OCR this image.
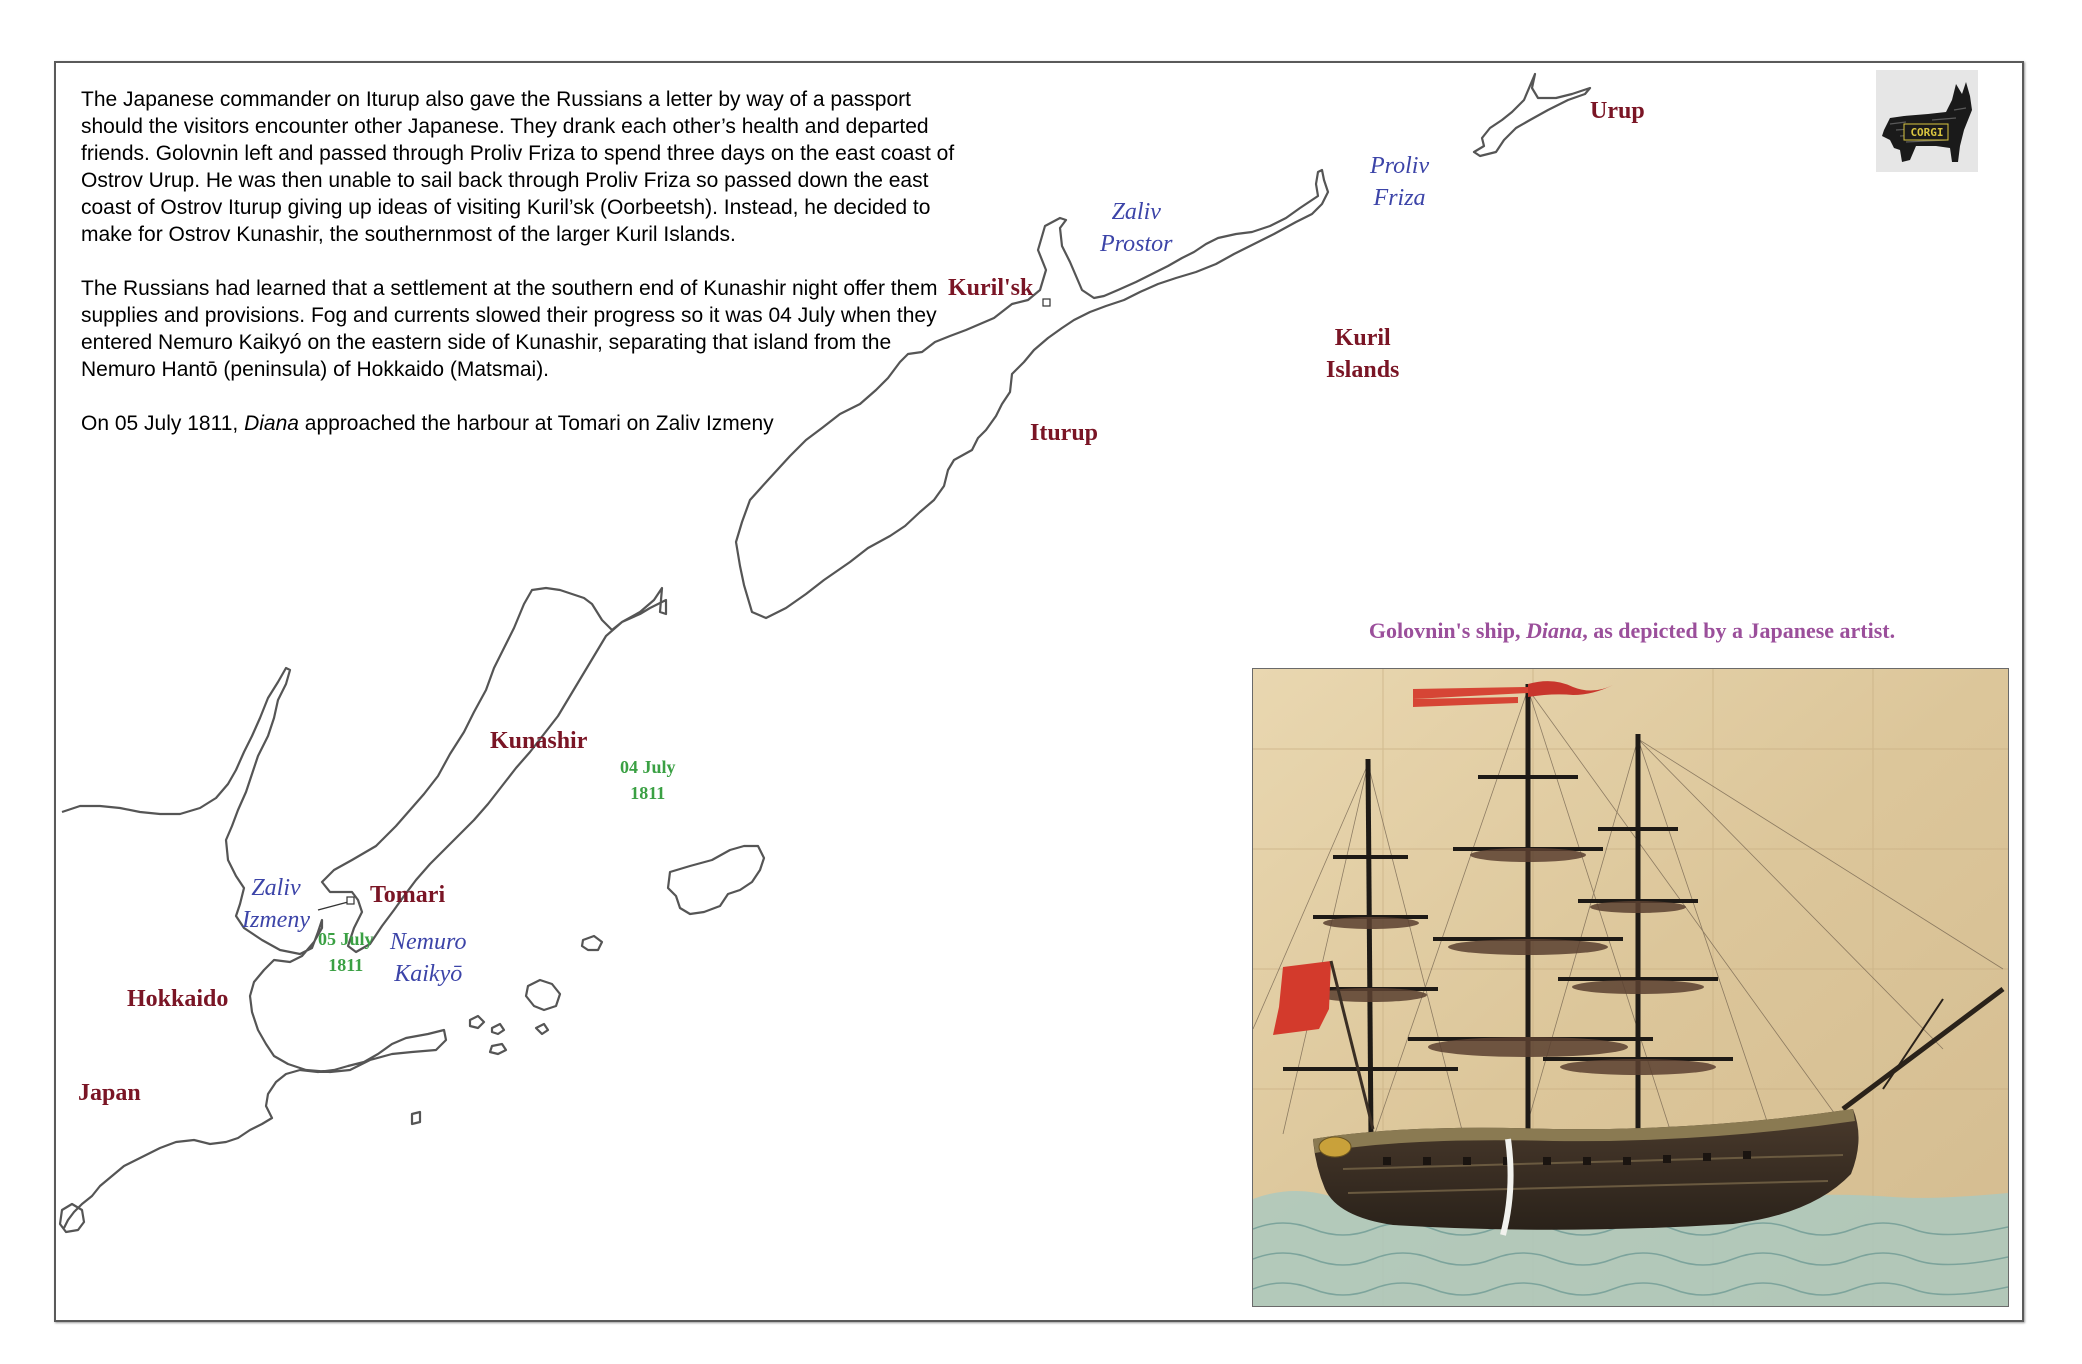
The Japanese commander on Iturup also gave the Russians a letter by way of a passport should the visitors encounter other Japanese. They drank each other’s health and departed friends. Golovnin left and passed through Proliv Friza to spend three days on the east coast of Ostrov Urup. He was then unable to sail back through Proliv Friza so passed down the east coast of Ostrov Iturup giving up ideas of visiting Kuril’sk (Oorbeetsh). Instead, he decided to make for Ostrov Kunashir, the southernmost of the larger Kuril Islands.

The Russians had learned that a settlement at the southern end of Kunashir night offer them supplies and provisions. Fog and currents slowed their progress so it was 04 July when they entered Nemuro Kaikyó on the eastern side of Kunashir, separating that island from the Nemuro Hantō (peninsula) of Hokkaido (Matsmai).

On 05 July 1811, Diana approached the harbour at Tomari on Zaliv Izmeny

Urup
Kuril'sk
Kuril
Islands
Iturup
Kunashir
Tomari
Hokkaido
Japan
Proliv
Friza
Zaliv
Prostor
Zaliv
Izmeny
Nemuro
Kaikyō
04 July
1811
05 July
1811
CORGI
Golovnin's ship, Diana, as depicted by a Japanese artist.
